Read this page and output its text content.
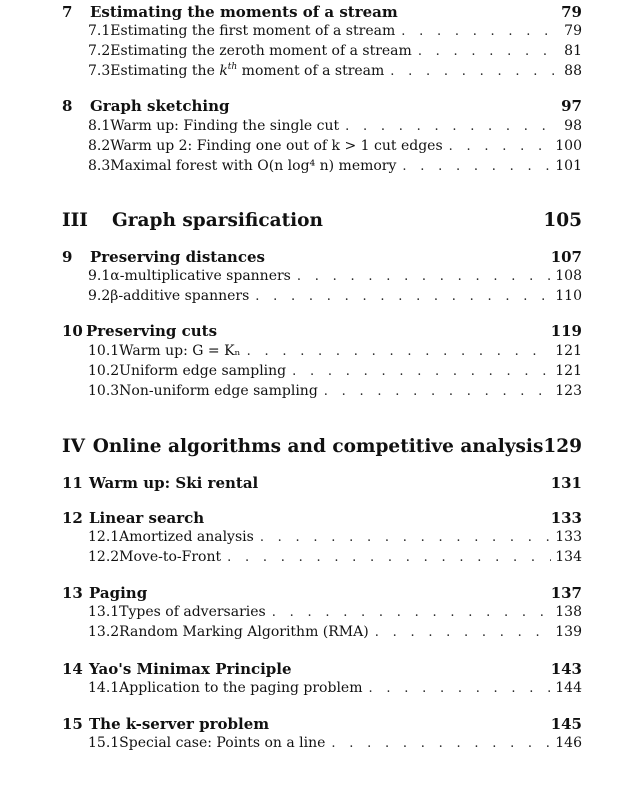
7	Estimating the moments of a stream	79
7.1 Estimating the first moment of a stream . . .	79
7.2 Estimating the zeroth moment of a stream . . .	81
7.3 Estimating the $k^{th}$ moment of a stream . . .	88
8	Graph sketching	97
8.1 Warm up: Finding the single cut . . .	98
8.2 Warm up 2: Finding one out of k > 1 cut edges . . .	100
8.3 Maximal forest with O(n log⁴ n) memory . . .	101
III	Graph sparsification	105
9	Preserving distances	107
9.1 α-multiplicative spanners . . .	108
9.2 β-additive spanners . . .	110
10 Preserving cuts	119
10.1 Warm up: G = Kₙ . . .	121
10.2 Uniform edge sampling . . .	121
10.3 Non-uniform edge sampling . . .	123
IV Online algorithms and competitive analysis 129
11 Warm up: Ski rental	131
12 Linear search	133
12.1 Amortized analysis . . .	133
12.2 Move-to-Front . . .	134
13 Paging	137
13.1 Types of adversaries . . .	138
13.2 Random Marking Algorithm (RMA) . . .	139
14 Yao's Minimax Principle	143
14.1 Application to the paging problem . . .	144
15 The k-server problem	145
15.1 Special case: Points on a line . . .	146
